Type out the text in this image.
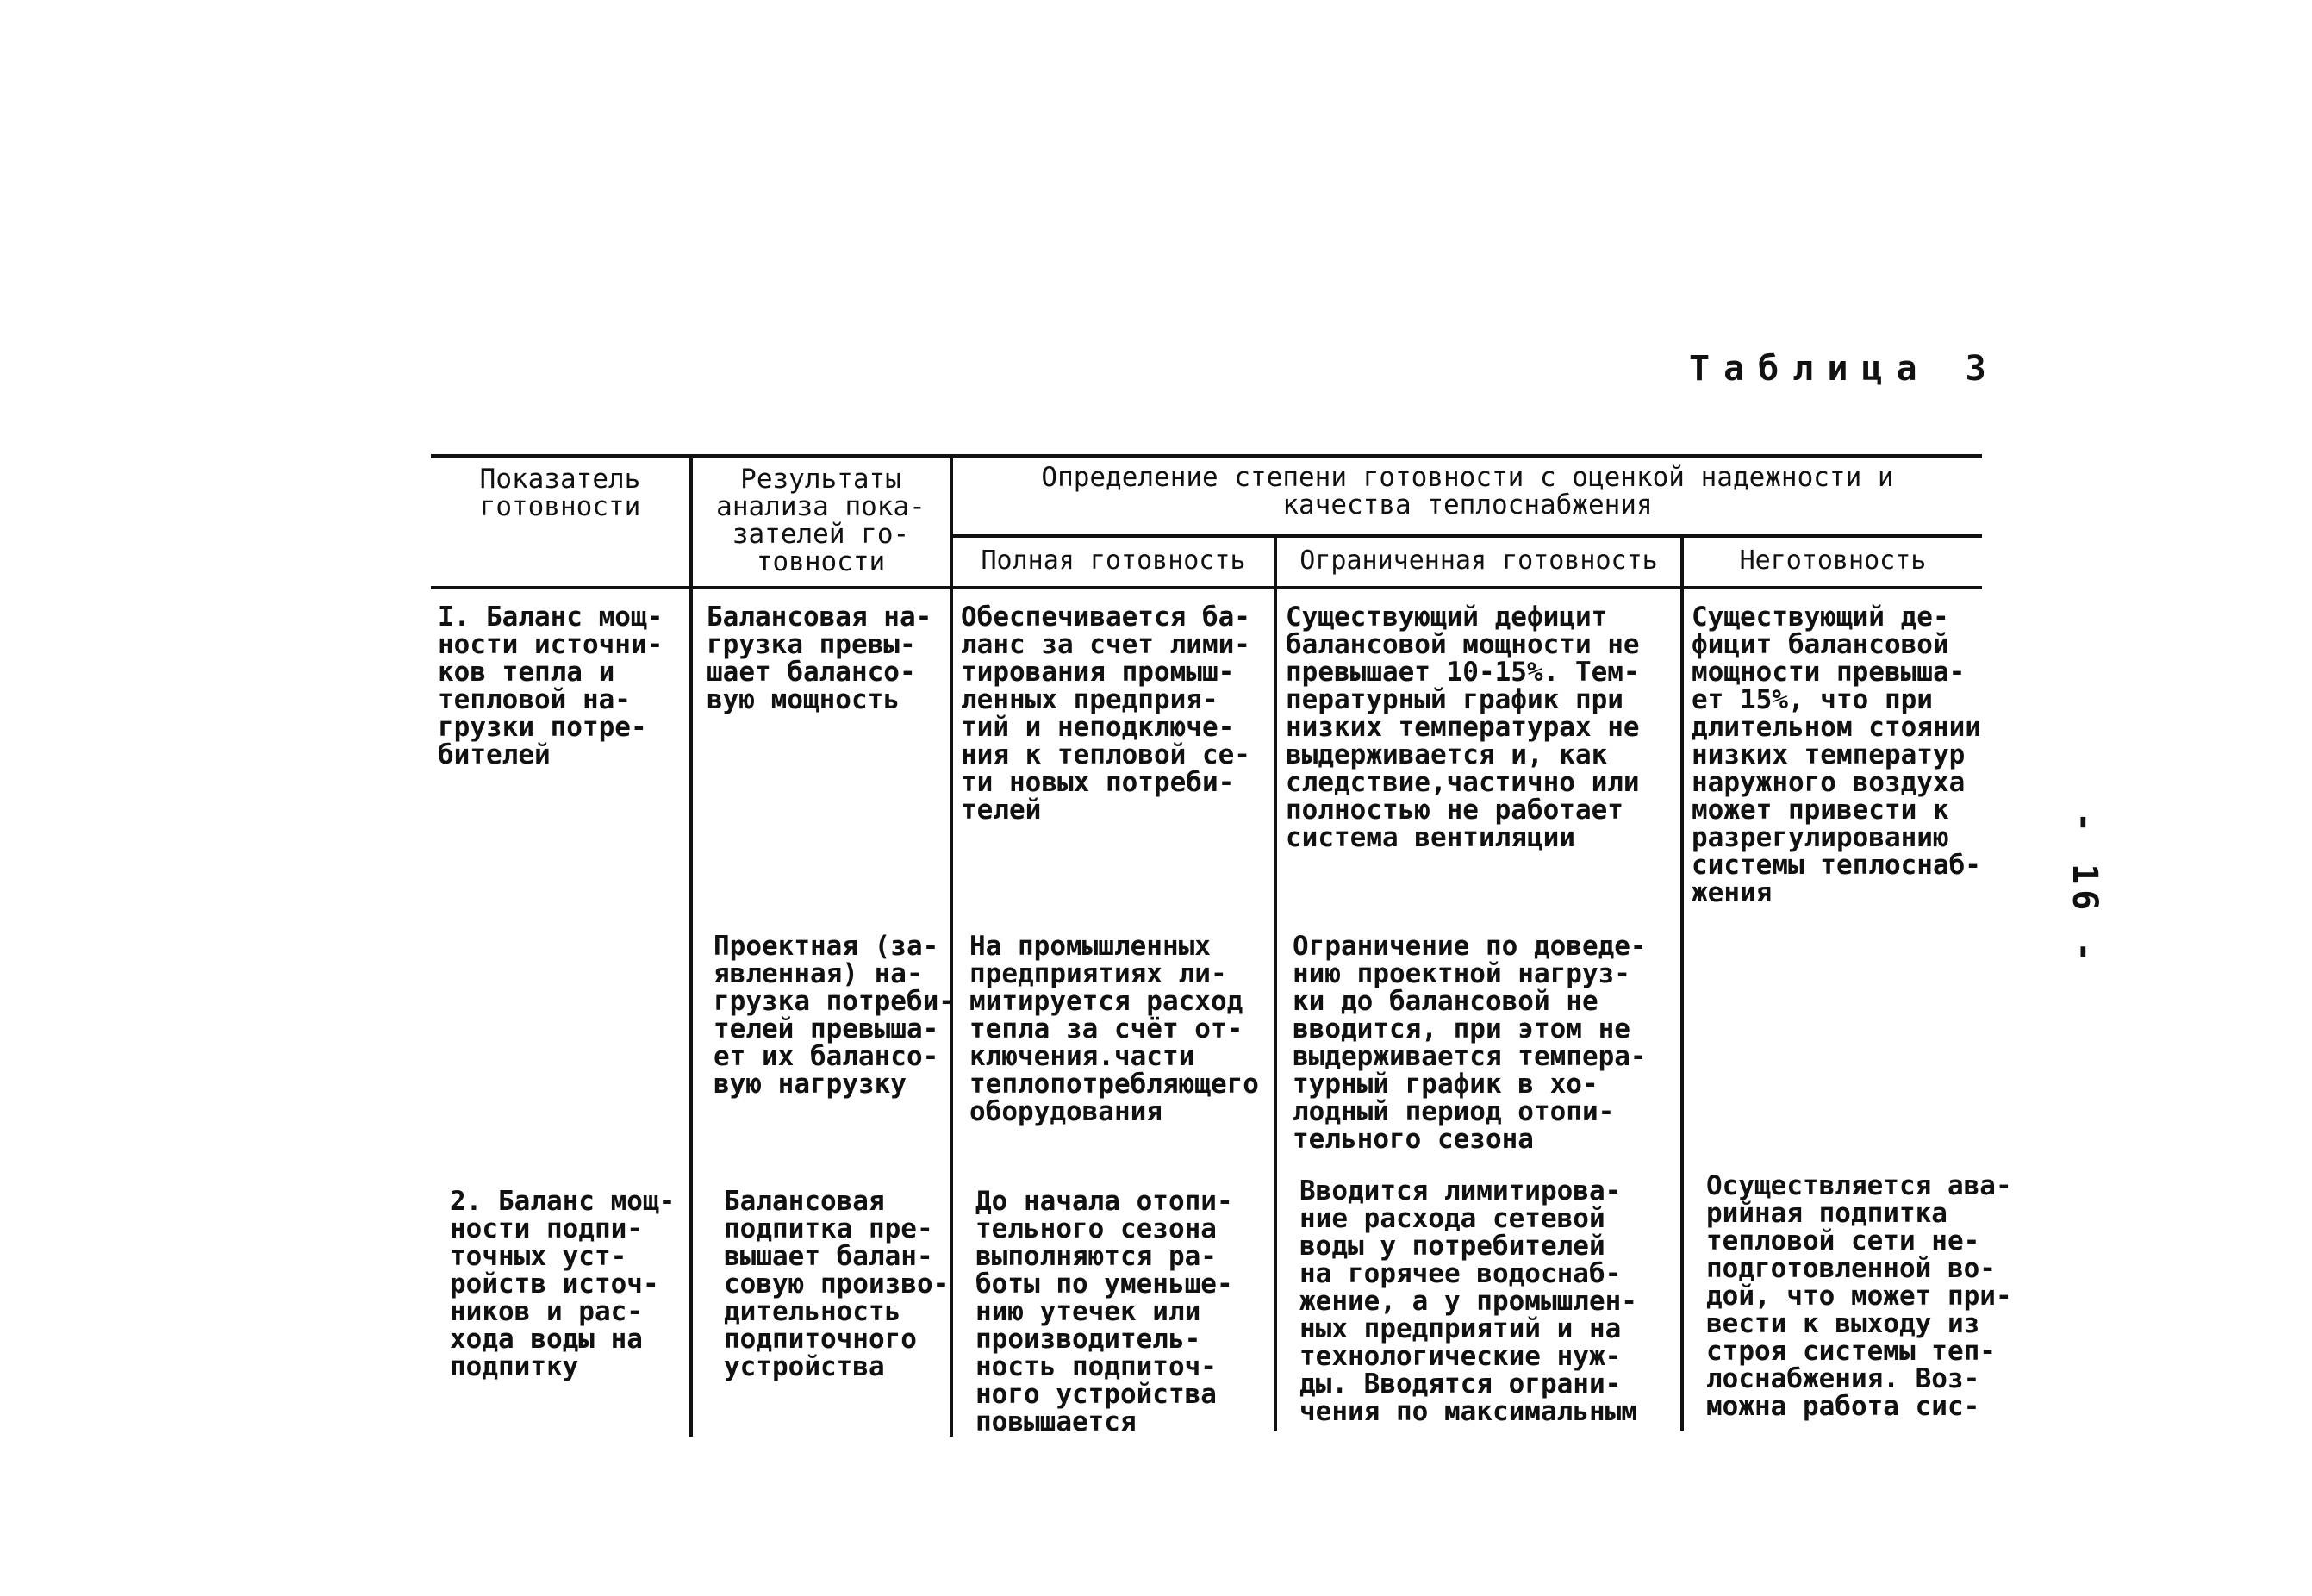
Таблица 3
- 16 -
Показатель
готовности
Результаты
анализа пока-
зателей го-
товности
Определение степени готовности с оценкой надежности и
качества теплоснабжения
Полная готовность	Ограниченная готовность	Неготовность
I. Баланс мощ-
ности источни-
ков тепла и
тепловой на-
грузки потре-
бителей
Балансовая на-
грузка превы-
шает балансо-
вую мощность
Обеспечивается ба-
ланс за счет лими-
тирования промыш-
ленных предприя-
тий и неподключе-
ния к тепловой се-
ти новых потреби-
телей
Существующий дефицит
балансовой мощности не
превышает 10-15%. Тем-
пературный график при
низких температурах не
выдерживается и, как
следствие,частично или
полностью не работает
система вентиляции
Существующий де-
фицит балансовой
мощности превыша-
ет 15%, что при
длительном стоянии
низких температур
наружного воздуха
может привести к
разрегулированию
системы теплоснаб-
жения
Проектная (за-
явленная) на-
грузка потреби-
телей превыша-
ет их балансо-
вую нагрузку
На промышленных
предприятиях ли-
митируется расход
тепла за счёт от-
ключения.части
теплопотребляющего
оборудования
Ограничение по доведе-
нию проектной нагруз-
ки до балансовой не
вводится, при этом не
выдерживается темпера-
турный график в хо-
лодный период отопи-
тельного сезона
2. Баланс мощ-
ности подпи-
точных уст-
ройств источ-
ников и рас-
хода воды на
подпитку
Балансовая
подпитка пре-
вышает балан-
совую произво-
дительность
подпиточного
устройства
До начала отопи-
тельного сезона
выполняются ра-
боты по уменьше-
нию утечек или
производитель-
ность подпиточ-
ного устройства
повышается
Вводится лимитирова-
ние расхода сетевой
воды у потребителей
на горячее водоснаб-
жение, а у промышлен-
ных предприятий и на
технологические нуж-
ды. Вводятся ограни-
чения по максимальным
Осуществляется ава-
рийная подпитка
тепловой сети не-
подготовленной во-
дой, что может при-
вести к выходу из
строя системы теп-
лоснабжения. Воз-
можна работа сис-
